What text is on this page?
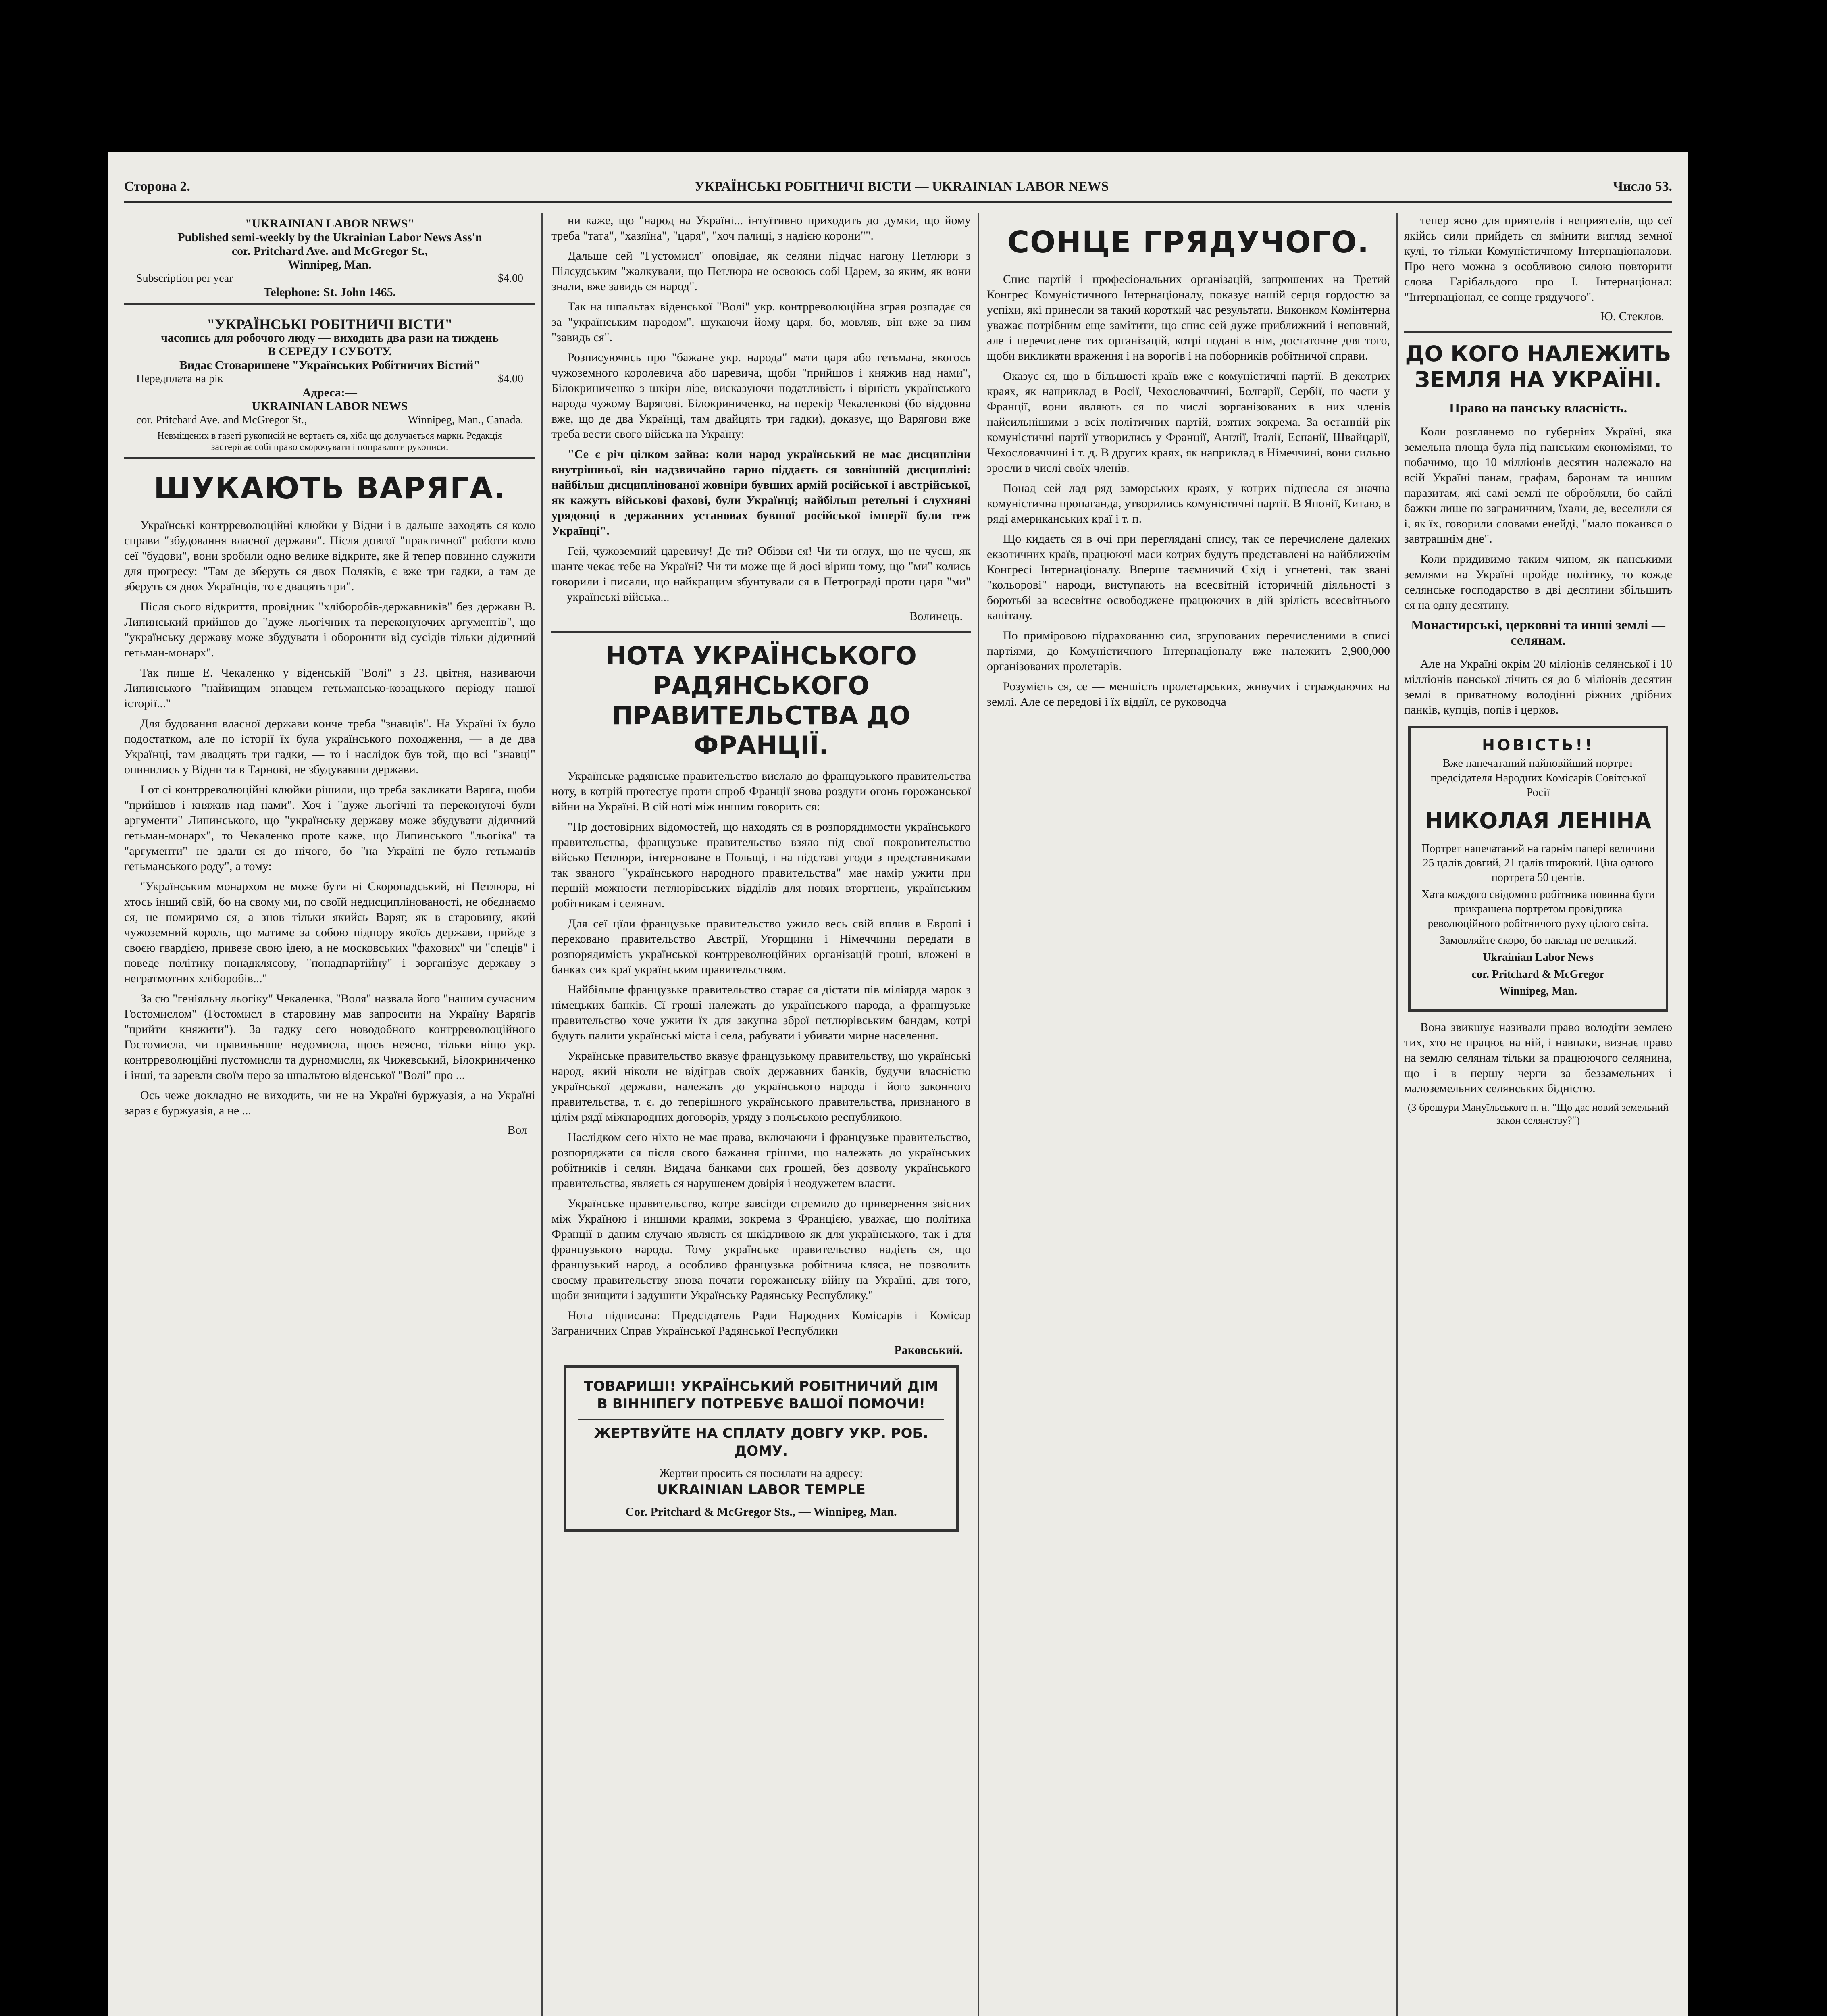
Сторона 2.	УКРАЇНСЬКІ РОБІТНИЧІ ВІСТИ — UKRAINIAN LABOR NEWS	Число 53.
"UKRAINIAN LABOR NEWS"
Published semi-weekly by the Ukrainian Labor News Ass'n
cor. Pritchard Ave. and McGregor St.,
Winnipeg, Man.
Subscription per year	$4.00
Telephone: St. John 1465.
"УКРАЇНСЬКІ РОБІТНИЧІ ВІСТИ"
часопись для робочого люду — виходить два рази на тиждень
В СЕРЕДУ І СУБОТУ.
Видає Стоваришене "Українських Робітничих Вістий"
Передплата на рік	$4.00
Адреса:—
UKRAINIAN LABOR NEWS
cor. Pritchard Ave. and McGregor St.,	Winnipeg, Man., Canada.
Невміщених в газеті рукописій не вертаєть ся, хіба що долучається марки. Редакція застерігає собі право скорочувати і поправляти рукописи.
ШУКАЮТЬ ВАРЯГА.

Українські контрреволюційні клюйки у Відни і в дальше заходять ся коло справи "збудовання власної держави". Після довгої "практичної" роботи коло сеї "будови", вони зробили одно велике відкрите, яке й тепер повинно служити для прогресу: "Там де зберуть ся двох Поляків, є вже три гадки, а там де зберуть ся двох Українців, то є двацять три".

Після сього відкриття, провідник "хліборобів-державників" без державн В. Липинський прийшов до "дуже льогічних та переконуючих аргументів", що "українську державу може збудувати і оборонити від сусідів тільки дідичний гетьман-монарх".

Так пише Е. Чекаленко у віденській "Волі" з 23. цвітня, називаючи Липинського "найвищим знавцем гетьмансько-козацького періоду нашої історії..."

Для будовання власної держави конче треба "знавців". На Україні їх було подостатком, але по історії їх була українського походження, — а де два Українці, там двадцять три гадки, — то і наслідок був той, що всі "знавці" опинились у Відни та в Тарнові, не збудувавши держави.

І от сі контрреволюційні клюйки рішили, що треба закликати Варяга, щоби "прийшов і княжив над нами". Хоч і "дуже льогічні та переконуючі були аргументи" Липинського, що "українську державу може збудувати дідичний гетьман-монарх", то Чекаленко проте каже, що Липинського "льогіка" та "аргументи" не здали ся до нічого, бо "на Україні не було гетьманів гетьманського роду", а тому:

"Українським монархом не може бути ні Скоропадський, ні Петлюра, ні хтось інший свій, бо на свому ми, по своїй недисциплінованості, не обєднаємо ся, не помиримо ся, а знов тільки якийсь Варяг, як в старовину, який чужоземний король, що матиме за собою підпору якоїсь держави, прийде з своєю гвардією, привезе свою ідею, а не московських "фахових" чи "спеців" і поведе політику понадклясову, "понадпартійну" і зорганізує державу з негратмотних хліборобів..."

За сю "геніяльну льогіку" Чекаленка, "Воля" назвала його "нашим сучасним Гостомислом" (Гостомисл в старовину мав запросити на Україну Варягів "прийти княжити"). За гадку сего новодобного контрреволюційного Гостомисла, чи правильніше недомисла, щось неясно, тільки ніщо укр. контрреволюційні пустомисли та дурномисли, як Чижевський, Білокриниченко і інші, та заревли своїм перо за шпальтою віденської "Волі" про ...

Ось чеже докладно не виходить, чи не на Україні буржуазія, а на Україні зараз є буржуазія, а не ...

Вол

ни каже, що "народ на Україні... інтуїтивно приходить до думки, що йому треба "тата", "хазяїна", "царя", "хоч палиці, з надією корони"".

Дальше сей "Густомисл" оповідає, як селяни підчас нагону Петлюри з Пілсудським "жалкували, що Петлюра не освоюсь собі Царем, за яким, як вони знали, вже завидь ся народ".

Так на шпальтах віденської "Волі" укр. контрреволюційна зграя розпадає ся за "українським народом", шукаючи йому царя, бо, мовляв, він вже за ним "завидь ся".

Розписуючись про "бажане укр. народа" мати царя або гетьмана, якогось чужоземного королевича або царевича, щоби "прийшов і княжив над нами", Білокриниченко з шкіри лізе, висказуючи податливість і вірність українського народа чужому Варягові. Білокриниченко, на перекір Чекаленкові (бо віддовна вже, що де два Українці, там двайцять три гадки), доказує, що Варягови вже треба вести свого війська на Україну:

"Се є річ цілком зайва: коли народ український не має дисципліни внутрішньої, він надзвичайно гарно піддаєть ся зовнішній дисципліні: найбільш дисциплінованої жовніри бувших армій російської і австрійської, як кажуть військові фахові, були Українці; найбільш ретельні і слухняні урядовці в державних установах бувшої російської імперії були теж Українці".

Гей, чужоземний царевичу! Де ти? Обізви ся! Чи ти оглух, що не чуєш, як шанте чекає тебе на Україні? Чи ти може ще й досі віриш тому, що "ми" колись говорили і писали, що найкращим збунтували ся в Петрограді проти царя "ми" — українські війська...

Волинець.
НОТА УКРАЇНСЬКОГО РАДЯНСЬКОГО ПРАВИТЕЛЬСТВА ДО ФРАНЦІЇ.

Українське радянське правительство вислало до французького правительства ноту, в котрій протестує проти спроб Франції знова роздути огонь горожанської війни на Україні. В сій ноті між иншим говорить ся:

"Пр достовірних відомостей, що находять ся в розпорядимости українського правительства, французьке правительство взяло під свої покровительство військо Петлюри, інтерноване в Польщі, і на підставі угоди з представниками так званого "українського народного правительства" має намір ужити при першій можности петлюрівських відділів для нових вторгнень, українським робітникам і селянам.

Для сеї цїли французьке правительство ужило весь свій вплив в Европі і перековано правительство Австрії, Угорщини і Німеччини передати в розпорядимість української контрреволюційних організацій гроші, вложені в банках сих краї українським правительством.

Найбільше французьке правительство старає ся дістати пів міліярда марок з німецьких банків. Сї гроші належать до українського народа, а французьке правительство хоче ужити їх для закупна зброї петлюрівським бандам, котрі будуть палити українські міста і села, рабувати і убивати мирне населення.

Українське правительство вказує французькому правительству, що українські народ, який ніколи не відіграв своїх державних банків, будучи власністю української держави, належать до українського народа і його законного правительства, т. є. до теперішного українського правительства, признаного в цілім рядї міжнародних договорів, уряду з польською республикою.

Наслідком сего ніхто не має права, включаючи і французьке правительство, розпоряджати ся після свого бажання грішми, що належать до українських робітників і селян. Видача банками сих грошей, без дозволу українського правительства, являєть ся нарушенем довірія і неодужетем власти.

Українське правительство, котре завсігди стремило до привернення звісних між Україною і иншими краями, зокрема з Францією, уважає, що політика Франції в даним случаю являєть ся шкідливою як для українського, так і для французького народа. Тому українське правительство надієть ся, що французький народ, а особливо французька робітнича кляса, не позволить своєму правительству знова почати горожанську війну на Україні, для того, щоби знищити і задушити Українську Радянську Республику."

Нота підписана: Предсідатель Ради Народних Комісарів і Комісар Заграничних Справ Української Радянської Республики

Раковський.
ТОВАРИШІ! УКРАЇНСЬКИЙ РОБІТНИЧИЙ ДІМ В ВІННІПЕГУ ПОТРЕБУЄ ВАШОЇ ПОМОЧИ!
ЖЕРТВУЙТЕ НА СПЛАТУ ДОВГУ УКР. РОБ. ДОМУ.
Жертви просить ся посилати на адресу:
UKRAINIAN LABOR TEMPLE
Cor. Pritchard & McGregor Sts., — Winnipeg, Man.
СОНЦЕ ГРЯДУЧОГО.

Спис партій і професіональних організацій, запрошених на Третий Конгрес Комуністичного Інтернаціоналу, показує нашій серця гордостю за успіхи, які принесли за такий короткий час результати. Виконком Комінтерна уважає потрібним еще замітити, що спис сей дуже приближний і неповний, але і перечислене тих організацій, котрі подані в нім, достаточне для того, щоби викликати враження і на ворогів і на поборників робітничої справи.

Оказує ся, що в більшості країв вже є комуністичні партії. В декотрих краях, як наприклад в Росії, Чехословаччині, Болгарії, Сербії, по части у Франції, вони являють ся по числі зорганізованих в них членів найсильнішими з всіх політичних партій, взятих зокрема. За останній рік комуністичні партії утворились у Франції, Англії, Італії, Еспанії, Швайцарії, Чехословаччині і т. д. В других краях, як наприклад в Німеччині, вони сильно зросли в числі своїх членів.

Понад сей лад ряд заморських краях, у котрих піднесла ся значна комуністична пропаганда, утворились комуністичні партії. В Японії, Китаю, в ряді американських краї і т. п.

Що кидаєть ся в очі при переглядані спису, так се перечислене далеких екзотичних країв, працюючі маси котрих будуть представлені на найближчім Конгресі Інтернаціоналу. Вперше таємничий Схід і угнетені, так звані "кольорові" народи, виступають на всесвітній історичній діяльності з боротьбі за всесвітнє освободжене працюючих в дій зрілість всесвітнього капіталу.

По приміровою підрахованню сил, згрупованих перечисленими в списі партіями, до Комуністичного Інтернаціоналу вже належить 2,900,000 організованих пролетарів.

Розумієть ся, се — меншість пролетарських, живучих і страждаючих на землі. Але се передові і їх віддїл, се руководча

тепер ясно для приятелів і неприятелів, що сеї якійсь сили прийдеть ся змінити вигляд земної кулі, то тільки Комуністичному Інтернаціоналови. Про него можна з особливою силою повторити слова Гарібальдого про І. Інтернаціонал: "Інтернаціонал, се сонце грядучого".

Ю. Стеклов.
ДО КОГО НАЛЕЖИТЬ ЗЕМЛЯ НА УКРАЇНІ.
Право на панську власність.

Коли розглянемо по губерніях Україні, яка земельна площа була під панським економіями, то побачимо, що 10 мілліонів десятин належало на всій Україні панам, графам, баронам та иншим паразитам, які самі землі не обробляли, бо сайлі бажки лише по заграничним, їхали, де, веселили ся і, як їх, говорили словами енейді, "мало покаився о завтрашнім дне".

Коли придивимо таким чином, як панськими землями на Україні пройде політику, то кожде селянське господарство в дві десятини збільшить ся на одну десятину.

Монастирські, церковні та инші землі — селянам.

Але на Україні окрім 20 міліонів селянської і 10 мілліонів панської лічить ся до 6 міліонів десятин землі в приватному володінні ріжних дрібних панків, купців, попів і церков.

НОВІСТЬ!!

Вже напечатаний найновійший портрет предсідателя Народних Комісарів Совітської Росії

НИКОЛАЯ ЛЕНІНА

Портрет напечатаний на гарнім папері величини 25 цалів довгий, 21 цалів широкий. Ціна одного портрета 50 центів.

Хата кождого свідомого робітника повинна бути прикрашена портретом провідника революційного робітничого руху цілого світа.

Замовляйте скоро, бо наклад не великий.

Ukrainian Labor News

cor. Pritchard & McGregor

Winnipeg, Man.

Вона звикшує називали право володіти землею тих, хто не працює на ній, і навпаки, визнає право на землю селянам тільки за працюючого селянина, що і в першу черги за беззамельних і малоземельних селянських бідністю.

(З брошури Мануїльського п. н. "Що дає новий земельний закон селянству?")
